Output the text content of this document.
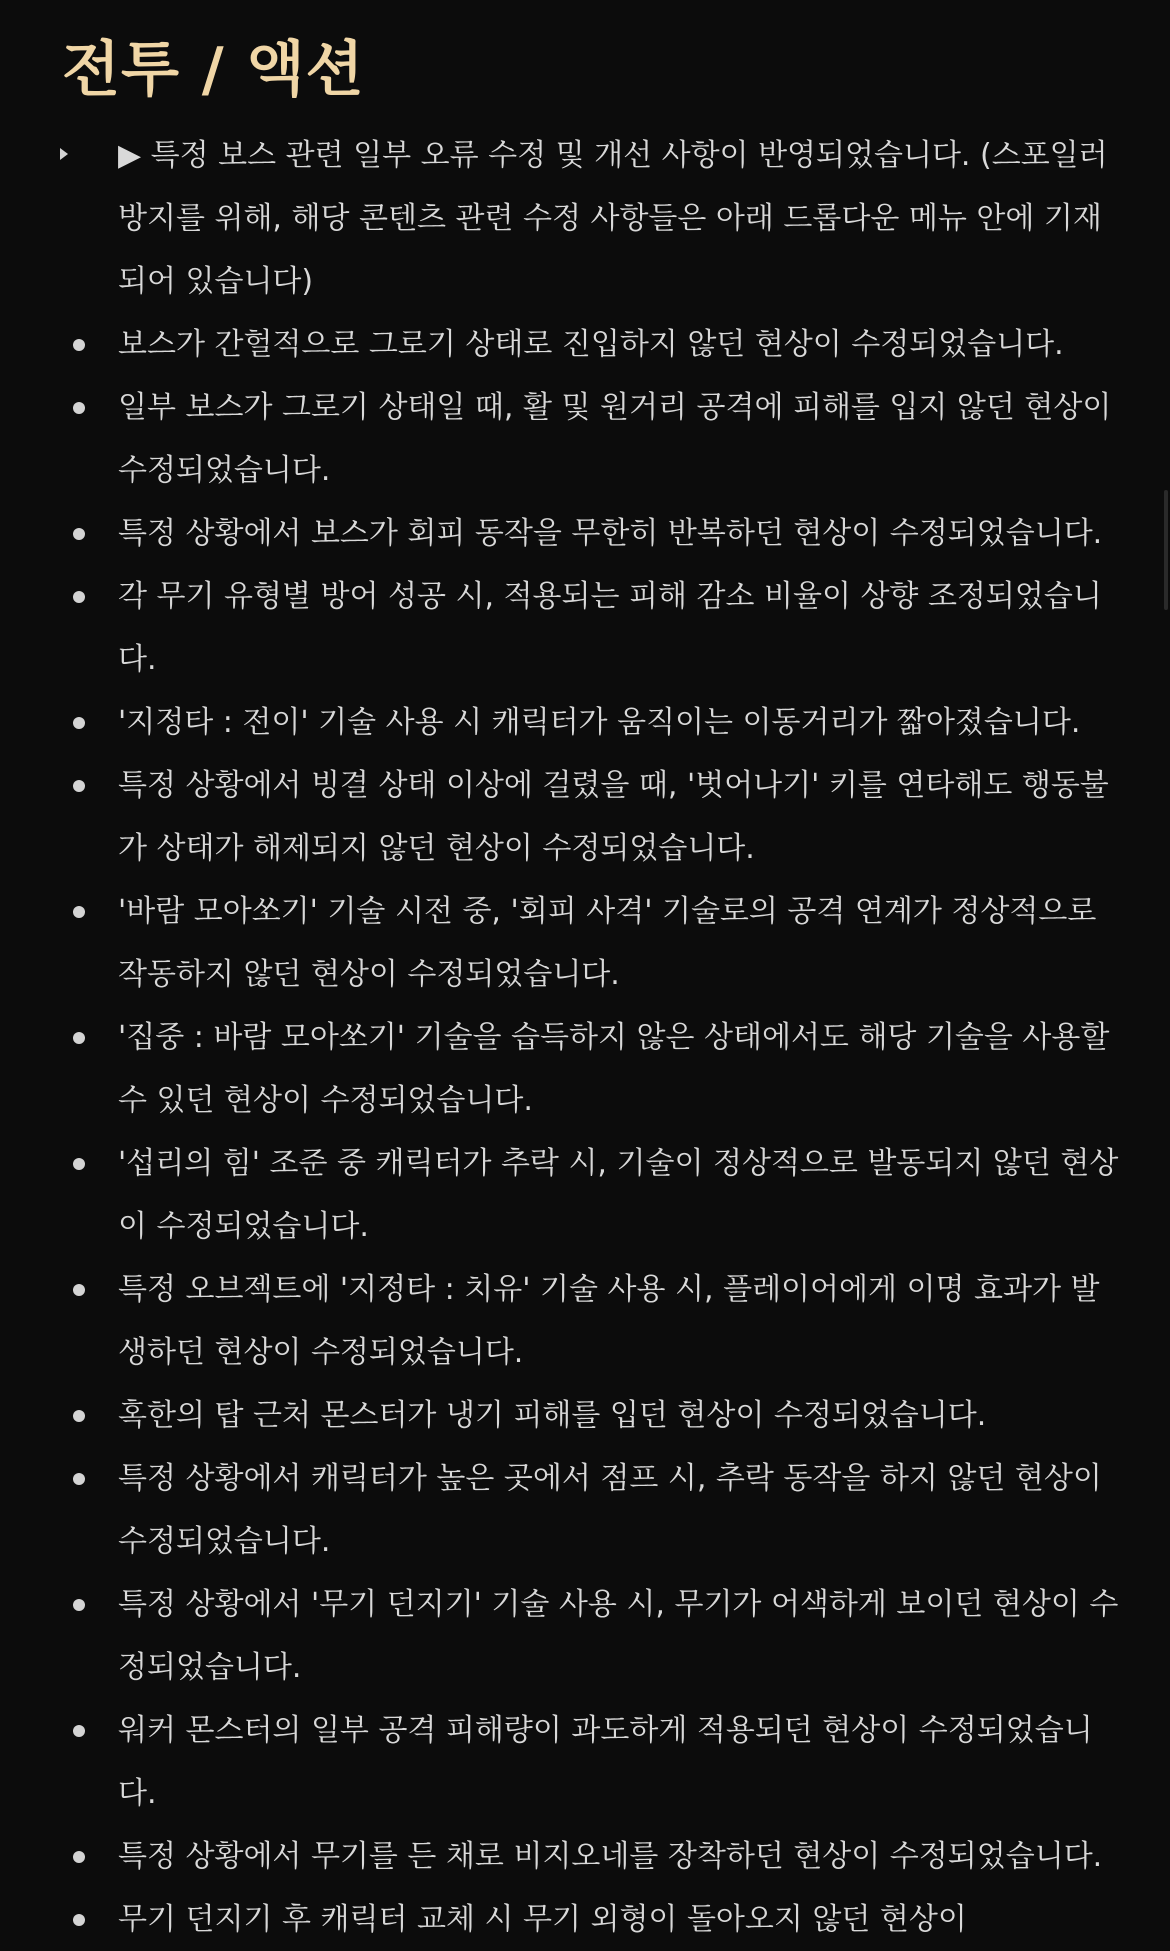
전투 / 액션
▶ 특정 보스 관련 일부 오류 수정 및 개선 사항이 반영되었습니다. (스포일러 방지를 위해, 해당 콘텐츠 관련 수정 사항들은 아래 드롭다운 메뉴 안에 기재되어 있습니다)
보스가 간헐적으로 그로기 상태로 진입하지 않던 현상이 수정되었습니다.
일부 보스가 그로기 상태일 때, 활 및 원거리 공격에 피해를 입지 않던 현상이 수정되었습니다.
특정 상황에서 보스가 회피 동작을 무한히 반복하던 현상이 수정되었습니다.
각 무기 유형별 방어 성공 시, 적용되는 피해 감소 비율이 상향 조정되었습니다.
'지정타 : 전이' 기술 사용 시 캐릭터가 움직이는 이동거리가 짧아졌습니다.
특정 상황에서 빙결 상태 이상에 걸렸을 때, '벗어나기' 키를 연타해도 행동불가 상태가 해제되지 않던 현상이 수정되었습니다.
'바람 모아쏘기' 기술 시전 중, '회피 사격' 기술로의 공격 연계가 정상적으로 작동하지 않던 현상이 수정되었습니다.
'집중 : 바람 모아쏘기' 기술을 습득하지 않은 상태에서도 해당 기술을 사용할 수 있던 현상이 수정되었습니다.
'섭리의 힘' 조준 중 캐릭터가 추락 시, 기술이 정상적으로 발동되지 않던 현상이 수정되었습니다.
특정 오브젝트에 '지정타 : 치유' 기술 사용 시, 플레이어에게 이명 효과가 발생하던 현상이 수정되었습니다.
혹한의 탑 근처 몬스터가 냉기 피해를 입던 현상이 수정되었습니다.
특정 상황에서 캐릭터가 높은 곳에서 점프 시, 추락 동작을 하지 않던 현상이 수정되었습니다.
특정 상황에서 '무기 던지기' 기술 사용 시, 무기가 어색하게 보이던 현상이 수정되었습니다.
워커 몬스터의 일부 공격 피해량이 과도하게 적용되던 현상이 수정되었습니다.
특정 상황에서 무기를 든 채로 비지오네를 장착하던 현상이 수정되었습니다.
무기 던지기 후 캐릭터 교체 시 무기 외형이 돌아오지 않던 현상이
